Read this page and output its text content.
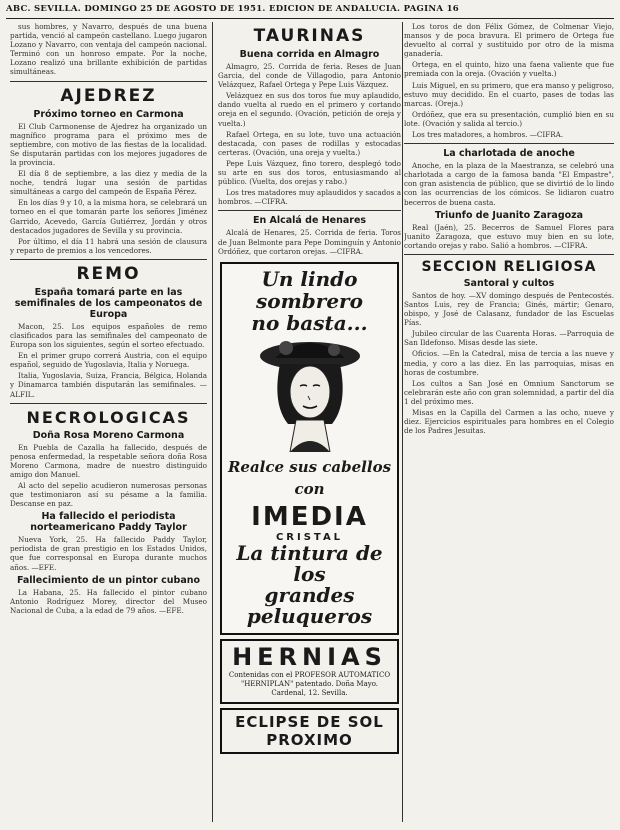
ABC. SEVILLA. DOMINGO 25 DE AGOSTO DE 1951. EDICION DE ANDALUCIA. PAGINA 16

sus hombres, y Navarro, después de una buena partida, venció al campeón castellano. Luego jugaron Lozano y Navarro, con ventaja del campeón nacional. Terminó con un honroso empate. Por la noche, Lozano realizó una brillante exhibición de partidas simultáneas.

AJEDREZ
Próximo torneo en Carmona

El Club Carmonense de Ajedrez ha organizado un magnífico programa para el próximo mes de septiembre, con motivo de las fiestas de la localidad. Se disputarán partidas con los mejores jugadores de la provincia.

El día 8 de septiembre, a las diez y media de la noche, tendrá lugar una sesión de partidas simultáneas a cargo del campeón de España Pérez.

En los días 9 y 10, a la misma hora, se celebrará un torneo en el que tomarán parte los señores Jiménez Garrido, Acevedo, García Gutiérrez, Jordán y otros destacados jugadores de Sevilla y su provincia.

Por último, el día 11 habrá una sesión de clausura y reparto de premios a los vencedores.

REMO
España tomará parte en las semifinales de los campeonatos de Europa

Macon, 25. Los equipos españoles de remo clasificados para las semifinales del campeonato de Europa son los siguientes, según el sorteo efectuado.

En el primer grupo correrá Austria, con el equipo español, seguido de Yugoslavia, Italia y Noruega.

Italia, Yugoslavia, Suiza, Francia, Bélgica, Holanda y Dinamarca también disputarán las semifinales. —ALFIL.

NECROLOGICAS
Doña Rosa Moreno Carmona

En Puebla de Cazalla ha fallecido, después de penosa enfermedad, la respetable señora doña Rosa Moreno Carmona, madre de nuestro distinguido amigo don Manuel.

Al acto del sepelio acudieron numerosas personas que testimoniaron así su pésame a la familia. Descanse en paz.

Ha fallecido el periodista norteamericano Paddy Taylor

Nueva York, 25. Ha fallecido Paddy Taylor, periodista de gran prestigio en los Estados Unidos, que fue corresponsal en Europa durante muchos años. —EFE.

Fallecimiento de un pintor cubano

La Habana, 25. Ha fallecido el pintor cubano Antonio Rodríguez Morey, director del Museo Nacional de Cuba, a la edad de 79 años. —EFE.

TAURINAS
Buena corrida en Almagro

Almagro, 25. Corrida de feria. Reses de Juan Garcia, del conde de Villagodio, para Antonio Velázquez, Rafael Ortega y Pepe Luis Vázquez.

Velázquez en sus dos toros fue muy aplaudido, dando vuelta al ruedo en el primero y cortando oreja en el segundo. (Ovación, petición de oreja y vuelta.)

Rafael Ortega, en su lote, tuvo una actuación destacada, con pases de rodillas y estocadas certeras. (Ovación, una oreja y vuelta.)

Pepe Luis Vázquez, fino torero, desplegó todo su arte en sus dos toros, entusiasmando al público. (Vuelta, dos orejas y rabo.)

Los tres matadores muy aplaudidos y sacados a hombros. —CIFRA.

En Alcalá de Henares

Alcalá de Henares, 25. Corrida de feria. Toros de Juan Belmonte para Pepe Dominguín y Antonio Ordóñez, que cortaron orejas. —CIFRA.

Un lindo sombrero
no basta...
Realce sus cabellos con
IMEDIA
CRISTAL
La tintura de los
grandes peluqueros
HERNIAS
Contenidas con el PROFESOR AUTOMATICO "HERNIPLAN" patentado. Doña Mayo. Cardenal, 12. Sevilla.
ECLIPSE DE SOL PROXIMO

Los toros de don Félix Gómez, de Colmenar Viejo, mansos y de poca bravura. El primero de Ortega fue devuelto al corral y sustituido por otro de la misma ganadería.

Ortega, en el quinto, hizo una faena valiente que fue premiada con la oreja. (Ovación y vuelta.)

Luis Miguel, en su primero, que era manso y peligroso, estuvo muy decidido. En el cuarto, pases de todas las marcas. (Oreja.)

Ordóñez, que era su presentación, cumplió bien en su lote. (Ovación y salida al tercio.)

Los tres matadores, a hombros. —CIFRA.

La charlotada de anoche

Anoche, en la plaza de la Maestranza, se celebró una charlotada a cargo de la famosa banda "El Empastre", con gran asistencia de público, que se divirtió de lo lindo con las ocurrencias de los cómicos. Se lidiaron cuatro becerros de buena casta.

Triunfo de Juanito Zaragoza

Real (Jaén), 25. Becerros de Samuel Flores para Juanito Zaragoza, que estuvo muy bien en su lote, cortando orejas y rabo. Salió a hombros. —CIFRA.

SECCION RELIGIOSA
Santoral y cultos

Santos de hoy. —XV domingo después de Pentecostés. Santos Luis, rey de Francia; Ginés, mártir; Genaro, obispo, y José de Calasanz, fundador de las Escuelas Pías.

Jubileo circular de las Cuarenta Horas. —Parroquia de San Ildefonso. Misas desde las siete.

Oficios. —En la Catedral, misa de tercia a las nueve y media, y coro a las diez. En las parroquias, misas en horas de costumbre.

Los cultos a San José en Omnium Sanctorum se celebrarán este año con gran solemnidad, a partir del día 1 del próximo mes.

Misas en la Capilla del Carmen a las ocho, nueve y diez. Ejercicios espirituales para hombres en el Colegio de los Padres Jesuitas.
